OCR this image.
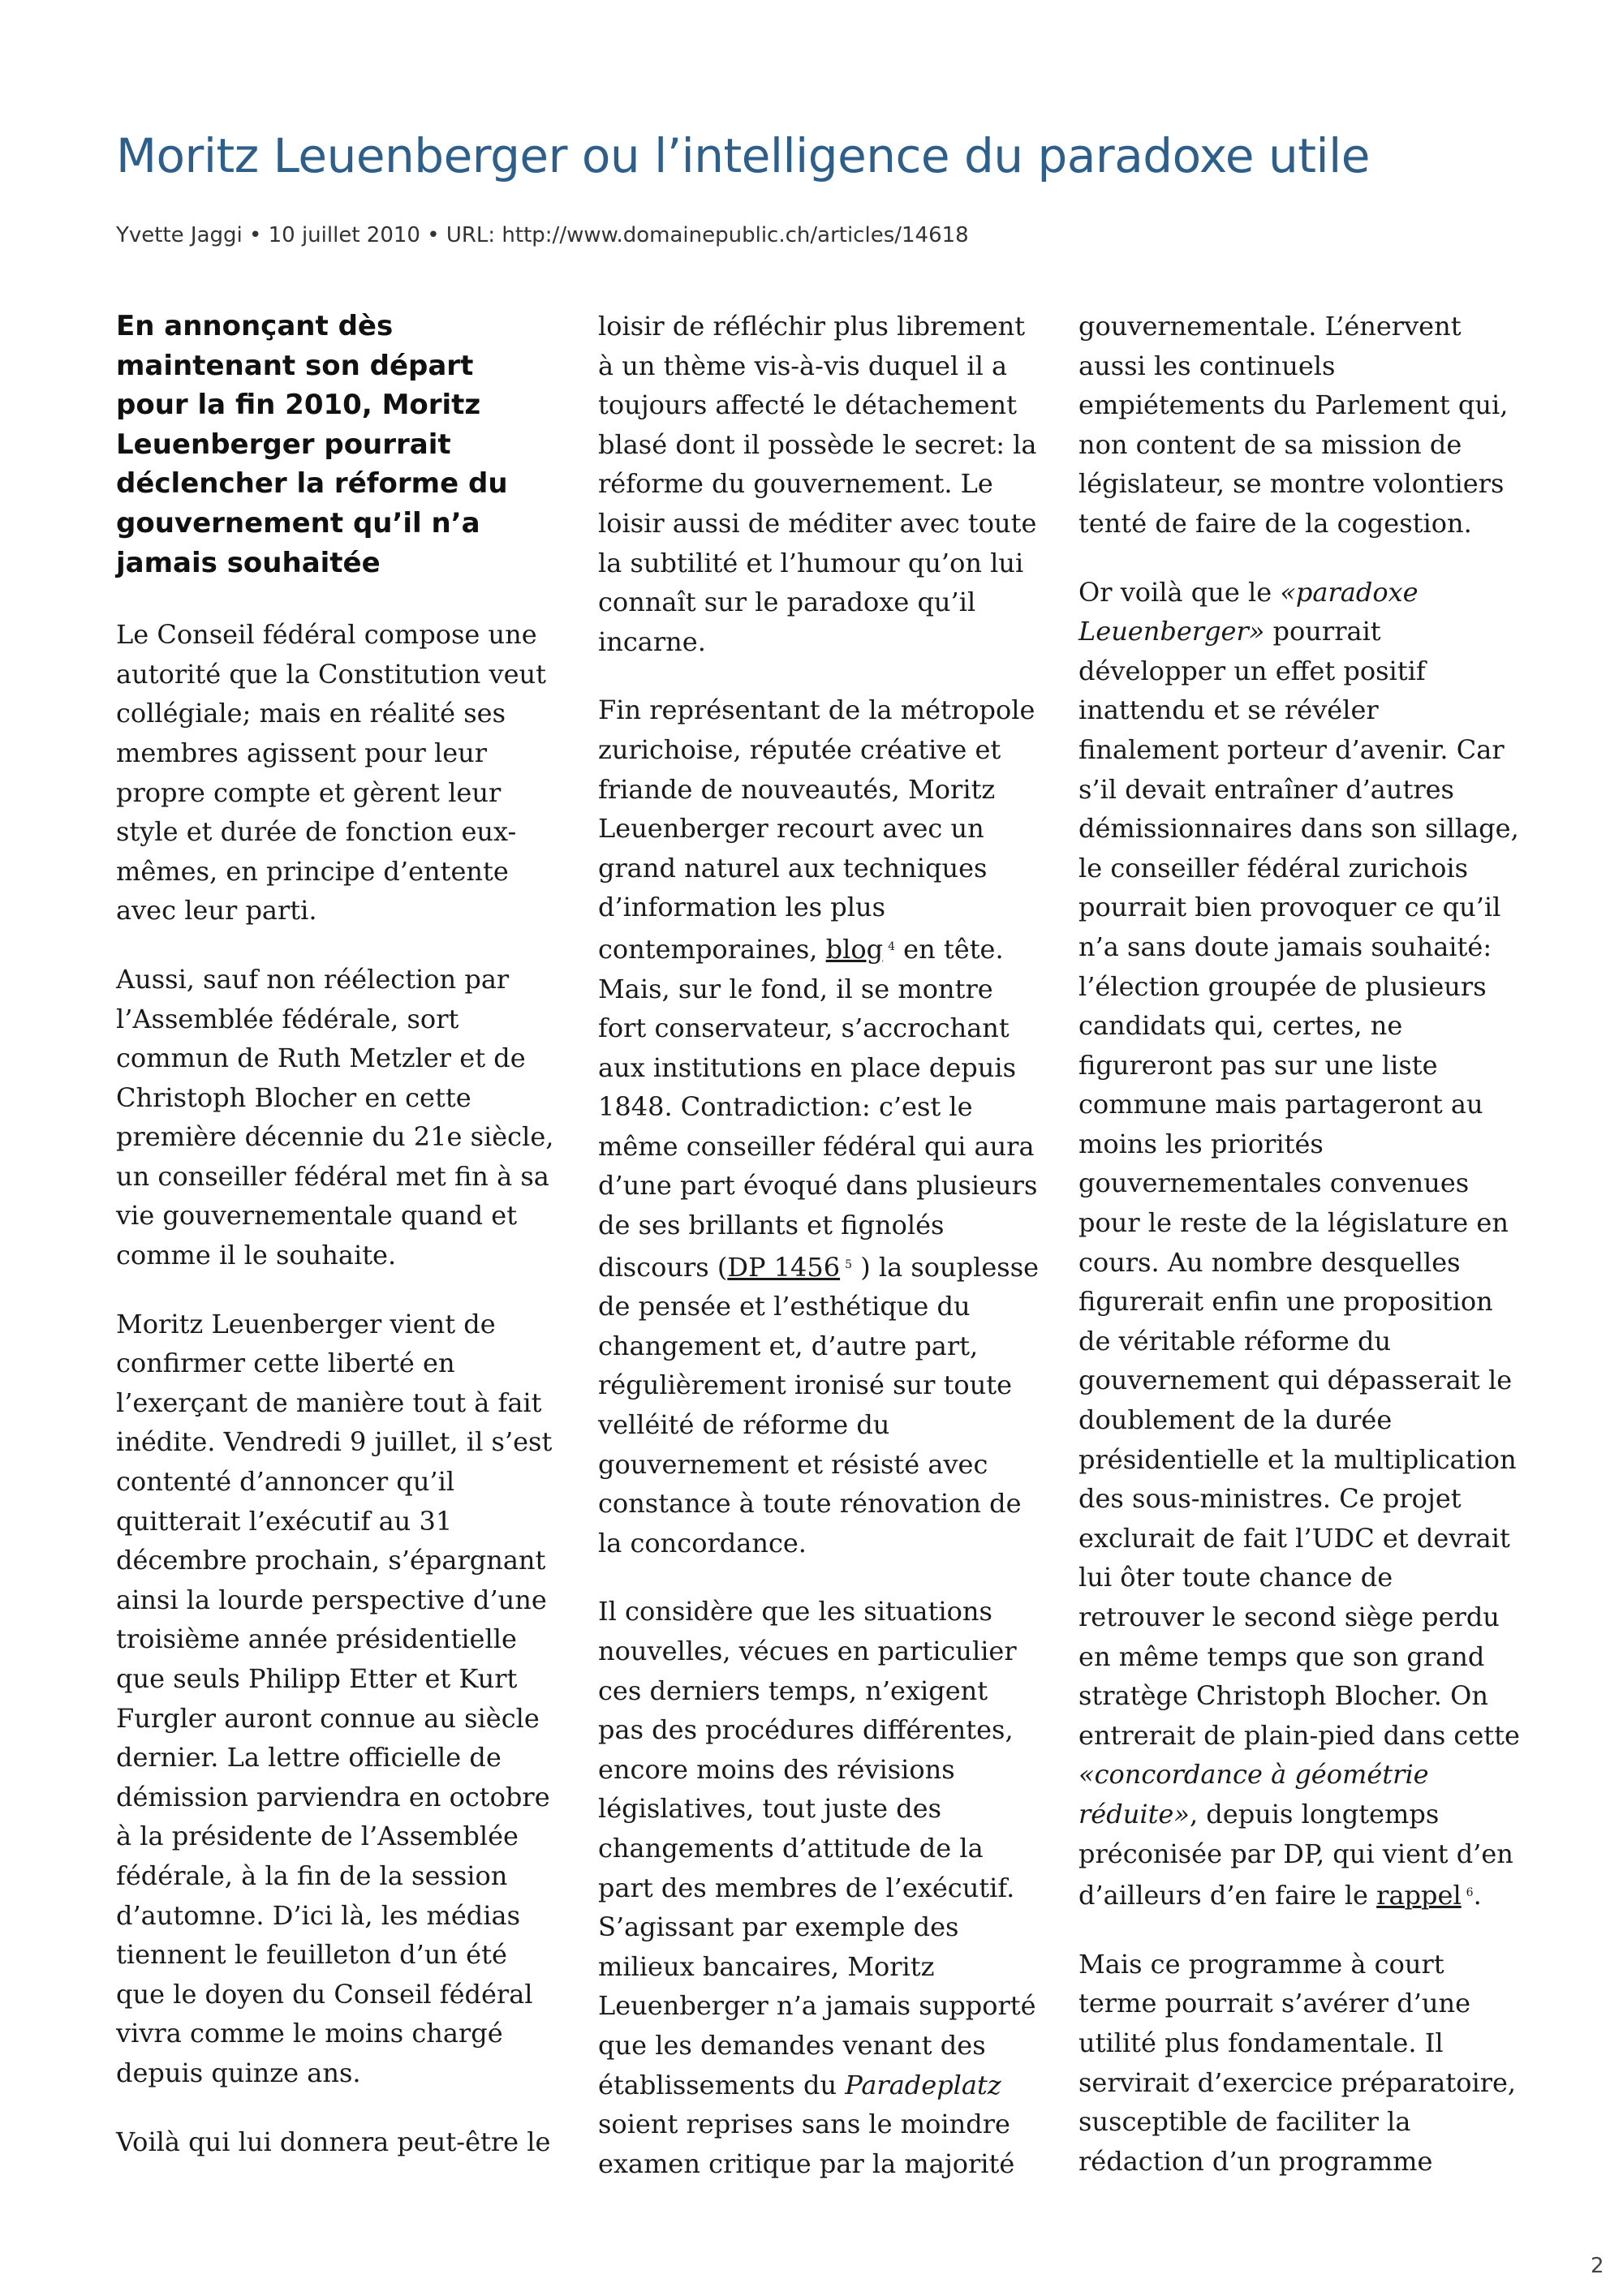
Moritz Leuenberger ou l’intelligence du paradoxe utile
Yvette Jaggi • 10 juillet 2010 • URL: http://www.domainepublic.ch/articles/14618
En annonçant dès maintenant son départ pour la fin 2010, Moritz Leuenberger pourrait déclencher la réforme du gouvernement qu’il n’a jamais souhaitée

Le Conseil fédéral compose une autorité que la Constitution veut collégiale; mais en réalité ses membres agissent pour leur propre compte et gèrent leur style et durée de fonction eux-mêmes, en principe d’entente avec leur parti.

Aussi, sauf non réélection par l’Assemblée fédérale, sort commun de Ruth Metzler et de Christoph Blocher en cette première décennie du 21e siècle, un conseiller fédéral met fin à sa vie gouvernementale quand et comme il le souhaite.

Moritz Leuenberger vient de confirmer cette liberté en l’exerçant de manière tout à fait inédite. Vendredi 9 juillet, il s’est contenté d’annoncer qu’il quitterait l’exécutif au 31 décembre prochain, s’épargnant ainsi la lourde perspective d’une troisième année présidentielle que seuls Philipp Etter et Kurt Furgler auront connue au siècle dernier. La lettre officielle de démission parviendra en octobre à la présidente de l’Assemblée fédérale, à la fin de la session d’automne. D’ici là, les médias tiennent le feuilleton d’un été que le doyen du Conseil fédéral vivra comme le moins chargé depuis quinze ans.

Voilà qui lui donnera peut-être le

loisir de réfléchir plus librement à un thème vis-à-vis duquel il a toujours affecté le détachement blasé dont il possède le secret: la réforme du gouvernement. Le loisir aussi de méditer avec toute la subtilité et l’humour qu’on lui connaît sur le paradoxe qu’il incarne.

Fin représentant de la métropole zurichoise, réputée créative et friande de nouveautés, Moritz Leuenberger recourt avec un grand naturel aux techniques d’information les plus contemporaines, blog $^4$ en tête. Mais, sur le fond, il se montre fort conservateur, s’accrochant aux institutions en place depuis 1848. Contradiction: c’est le même conseiller fédéral qui aura d’une part évoqué dans plusieurs de ses brillants et fignolés discours (DP 1456 $^5$ ) la souplesse de pensée et l’esthétique du changement et, d’autre part, régulièrement ironisé sur toute velléité de réforme du gouvernement et résisté avec constance à toute rénovation de la concordance.

Il considère que les situations nouvelles, vécues en particulier ces derniers temps, n’exigent pas des procédures différentes, encore moins des révisions législatives, tout juste des changements d’attitude de la part des membres de l’exécutif. S’agissant par exemple des milieux bancaires, Moritz Leuenberger n’a jamais supporté que les demandes venant des établissements du Paradeplatz soient reprises sans le moindre examen critique par la majorité

gouvernementale. L’énervent aussi les continuels empiétements du Parlement qui, non content de sa mission de législateur, se montre volontiers tenté de faire de la cogestion.

Or voilà que le «paradoxe Leuenberger» pourrait développer un effet positif inattendu et se révéler finalement porteur d’avenir. Car s’il devait entraîner d’autres démissionnaires dans son sillage, le conseiller fédéral zurichois pourrait bien provoquer ce qu’il n’a sans doute jamais souhaité: l’élection groupée de plusieurs candidats qui, certes, ne figureront pas sur une liste commune mais partageront au moins les priorités gouvernementales convenues pour le reste de la législature en cours. Au nombre desquelles figurerait enfin une proposition de véritable réforme du gouvernement qui dépasserait le doublement de la durée présidentielle et la multiplication des sous-ministres. Ce projet exclurait de fait l’UDC et devrait lui ôter toute chance de retrouver le second siège perdu en même temps que son grand stratège Christoph Blocher. On entrerait de plain-pied dans cette «concordance à géométrie réduite», depuis longtemps préconisée par DP, qui vient d’en d’ailleurs d’en faire le rappel $^6$.

Mais ce programme à court terme pourrait s’avérer d’une utilité plus fondamentale. Il servirait d’exercice préparatoire, susceptible de faciliter la rédaction d’un programme

2
